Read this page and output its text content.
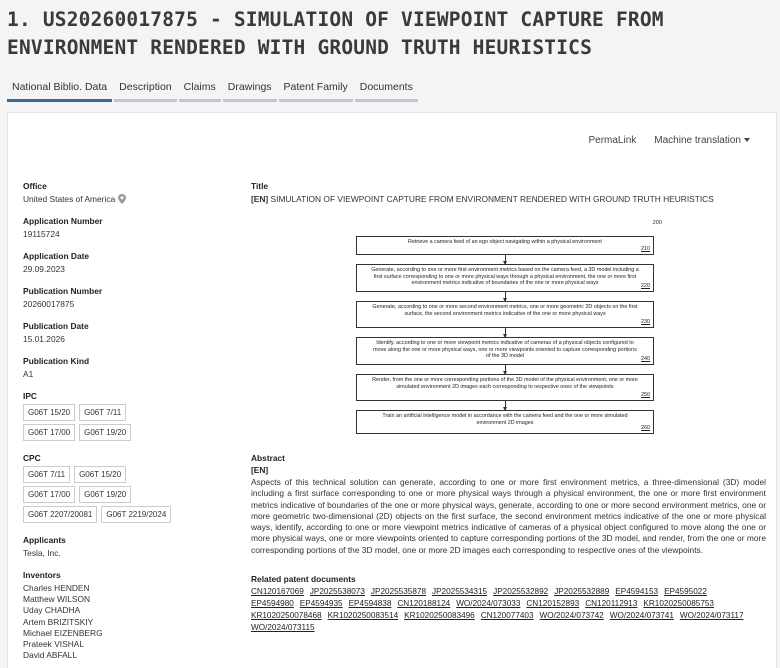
1. US20260017875 - SIMULATION OF VIEWPOINT CAPTURE FROM
ENVIRONMENT RENDERED WITH GROUND TRUTH HEURISTICS
National Biblio. Data	Description	Claims	Drawings	Patent Family	Documents
PermaLink Machine translation
Office
United States of America
Application Number
19115724
Application Date
29.09.2023
Publication Number
20260017875
Publication Date
15.01.2026
Publication Kind
A1
IPC
G06T 15/20	G06T 7/11
G06T 17/00	G06T 19/20
CPC
G06T 7/11	G06T 15/20
G06T 17/00	G06T 19/20
G06T 2207/20081	G06T 2219/2024
Applicants
Tesla, Inc.
Inventors
Charles HENDEN
Matthew WILSON
Uday CHADHA
Artem BRIZITSKIY
Michael EIZENBERG
Prateek VISHAL
David ABFALL
Title
[EN] SIMULATION OF VIEWPOINT CAPTURE FROM ENVIRONMENT RENDERED WITH GROUND TRUTH HEURISTICS
200
Retrieve a camera feed of an ego object navigating within a physical environment
210
Generate, according to one or more first environment metrics based on the camera feed, a 3D model including a first surface corresponding to one or more physical ways through a physical environment, the one or more first environment metrics indicative of boundaries of the one or more physical ways
220
Generate, according to one or more second environment metrics, one or more geometric 2D objects on the first surface, the second environment metrics indicative of the one or more physical ways
230
Identify, according to one or more viewpoint metrics indicative of cameras of a physical objects configured to move along the one or more physical ways, one or more viewpoints oriented to capture corresponding portions of the 3D model
240
Render, from the one or more corresponding portions of the 3D model of the physical environment, one or more simulated environment 2D images each corresponding to respective ones of the viewpoints
250
Train an artificial intelligence model in accordance with the camera feed and the one or more simulated environment 2D images
260
Abstract
[EN]
Aspects of this technical solution can generate, according to one or more first environment metrics, a three-dimensional (3D) model including a first surface corresponding to one or more physical ways through a physical environment, the one or more first environment metrics indicative of boundaries of the one or more physical ways, generate, according to one or more second environment metrics, one or more geometric two-dimensional (2D) objects on the first surface, the second environment metrics indicative of the one or more physical ways, identify, according to one or more viewpoint metrics indicative of cameras of a physical object configured to move along the one or more physical ways, one or more viewpoints oriented to capture corresponding portions of the 3D model, and render, from the one or more corresponding portions of the 3D model, one or more 2D images each corresponding to respective ones of the viewpoints.
Related patent documents
CN120167069 JP2025538073 JP2025535878 JP2025534315 JP2025532892 JP2025532889 EP4594153 EP4595022
EP4594980 EP4594935 EP4594838 CN120188124 WO/2024/073033 CN120152893 CN120112913 KR1020250085753
KR1020250078468 KR1020250083514 KR1020250083496 CN120077403 WO/2024/073742 WO/2024/073741 WO/2024/073117
WO/2024/073115
